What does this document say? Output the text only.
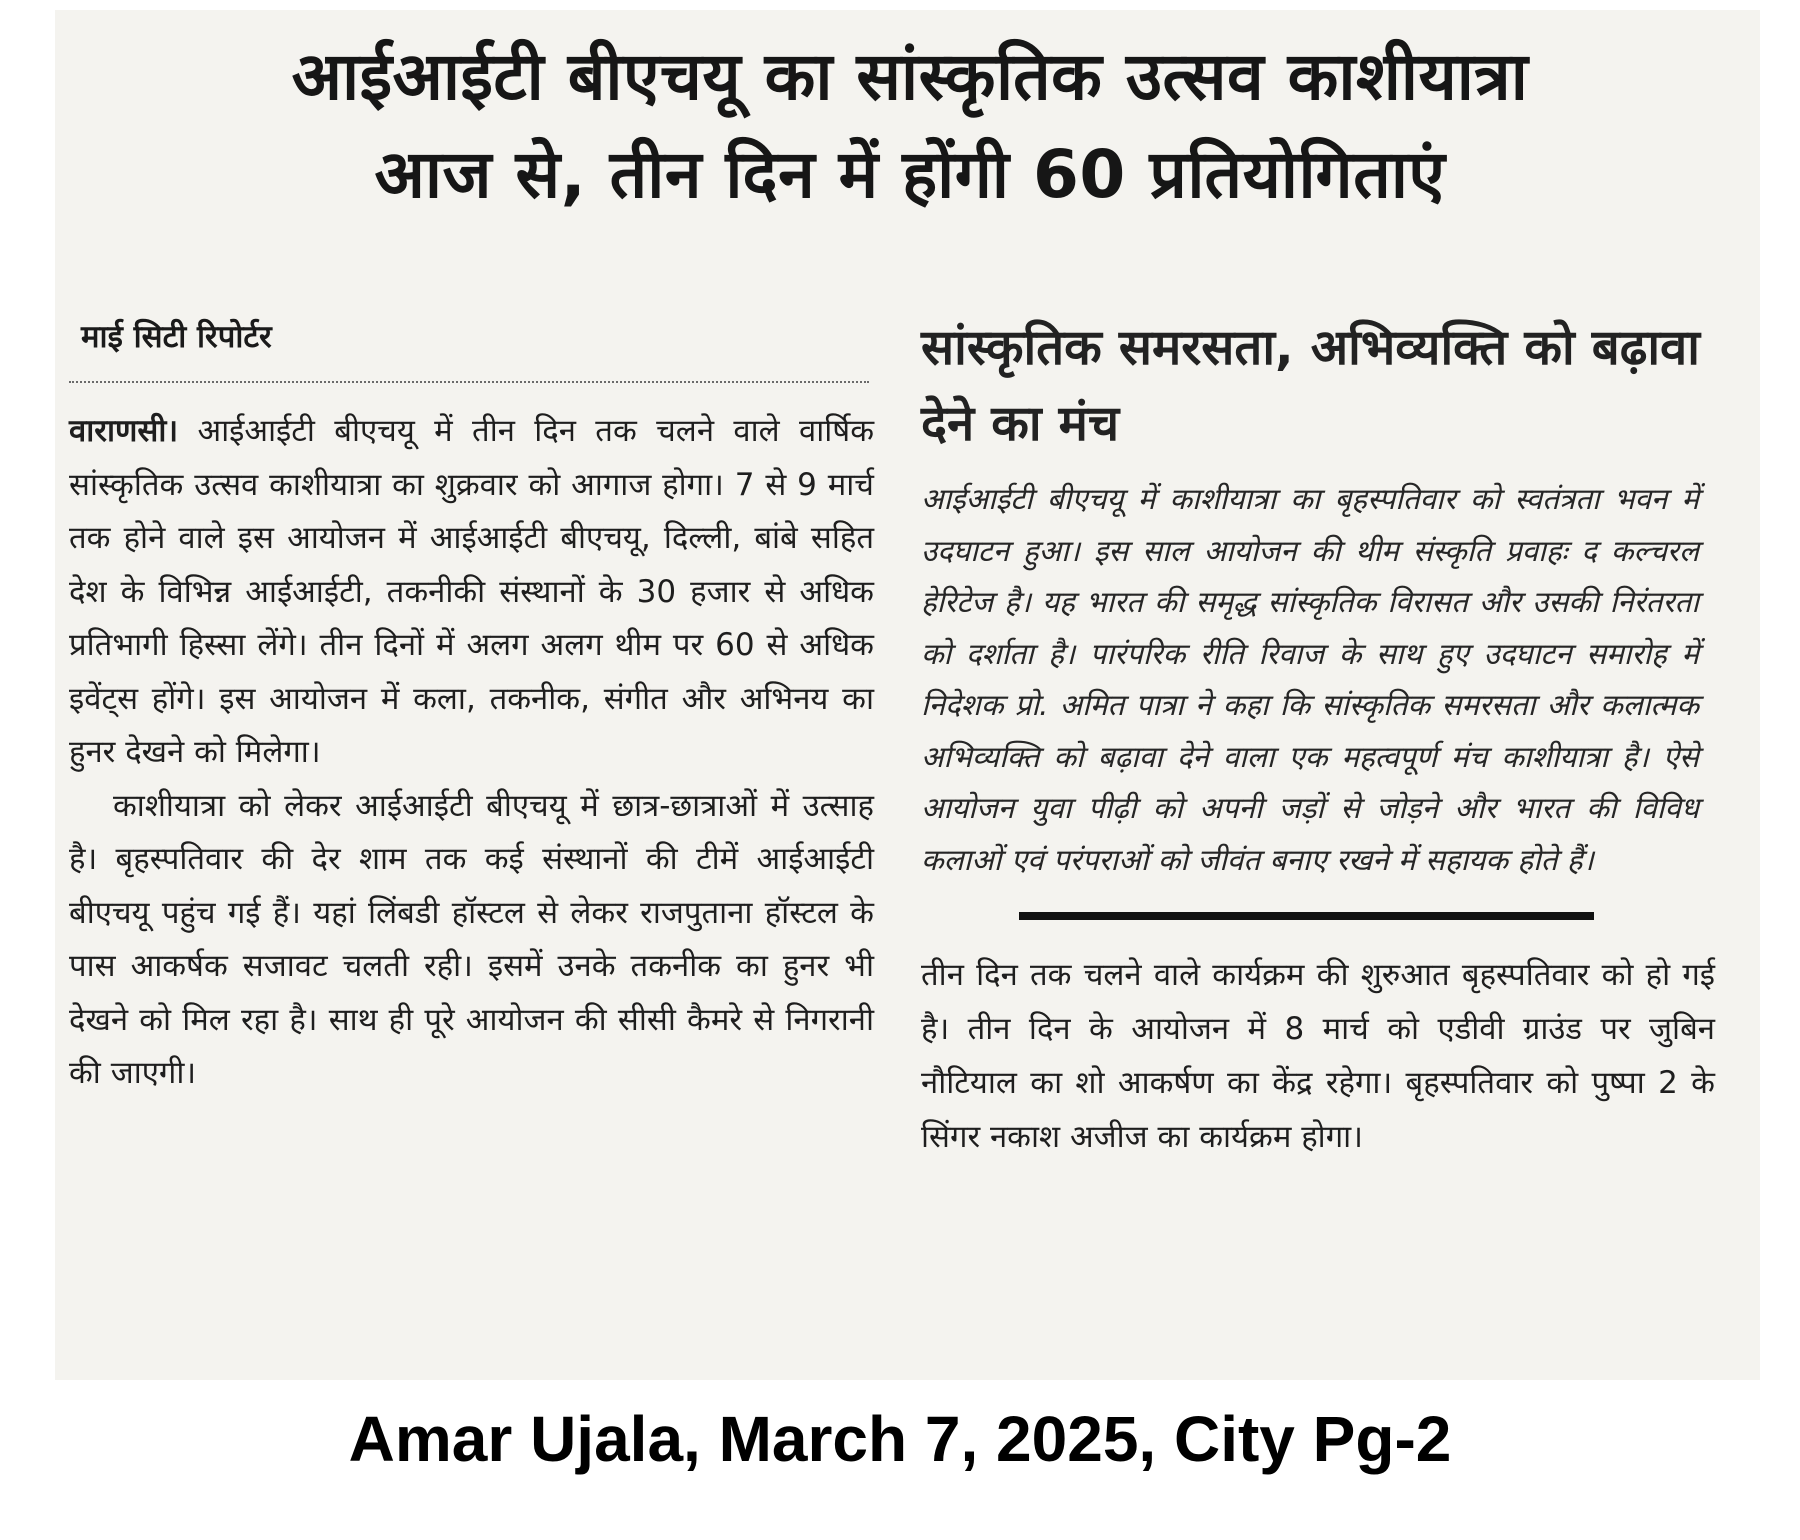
आईआईटी बीएचयू का सांस्कृतिक उत्सव काशीयात्रा
आज से, तीन दिन में होंगी 60 प्रतियोगिताएं
माई सिटी रिपोर्टर

वाराणसी। आईआईटी बीएचयू में तीन दिन तक चलने वाले वार्षिक सांस्कृतिक उत्सव काशीयात्रा का शुक्रवार को आगाज होगा। 7 से 9 मार्च तक होने वाले इस आयोजन में आईआईटी बीएचयू, दिल्ली, बांबे सहित देश के विभिन्न आईआईटी, तकनीकी संस्थानों के 30 हजार से अधिक प्रतिभागी हिस्सा लेंगे। तीन दिनों में अलग अलग थीम पर 60 से अधिक इवेंट्स होंगे। इस आयोजन में कला, तकनीक, संगीत और अभिनय का हुनर देखने को मिलेगा।

काशीयात्रा को लेकर आईआईटी बीएचयू में छात्र-छात्राओं में उत्साह है। बृहस्पतिवार की देर शाम तक कई संस्थानों की टीमें आईआईटी बीएचयू पहुंच गई हैं। यहां लिंबडी हॉस्टल से लेकर राजपुताना हॉस्टल के पास आकर्षक सजावट चलती रही। इसमें उनके तकनीक का हुनर भी देखने को मिल रहा है। साथ ही पूरे आयोजन की सीसी कैमरे से निगरानी की जाएगी।

सांस्कृतिक समरसता, अभिव्यक्ति को बढ़ावा देने का मंच
आईआईटी बीएचयू में काशीयात्रा का बृहस्पतिवार को स्वतंत्रता भवन में उदघाटन हुआ। इस साल आयोजन की थीम संस्कृति प्रवाहः द कल्चरल हेरिटेज है। यह भारत की समृद्ध सांस्कृतिक विरासत और उसकी निरंतरता को दर्शाता है। पारंपरिक रीति रिवाज के साथ हुए उदघाटन समारोह में निदेशक प्रो. अमित पात्रा ने कहा कि सांस्कृतिक समरसता और कलात्मक अभिव्यक्ति को बढ़ावा देने वाला एक महत्वपूर्ण मंच काशीयात्रा है। ऐसे आयोजन युवा पीढ़ी को अपनी जड़ों से जोड़ने और भारत की विविध कलाओं एवं परंपराओं को जीवंत बनाए रखने में सहायक होते हैं।
तीन दिन तक चलने वाले कार्यक्रम की शुरुआत बृहस्पतिवार को हो गई है। तीन दिन के आयोजन में 8 मार्च को एडीवी ग्राउंड पर जुबिन नौटियाल का शो आकर्षण का केंद्र रहेगा। बृहस्पतिवार को पुष्पा 2 के सिंगर नकाश अजीज का कार्यक्रम होगा।
Amar Ujala, March 7, 2025, City Pg-2
